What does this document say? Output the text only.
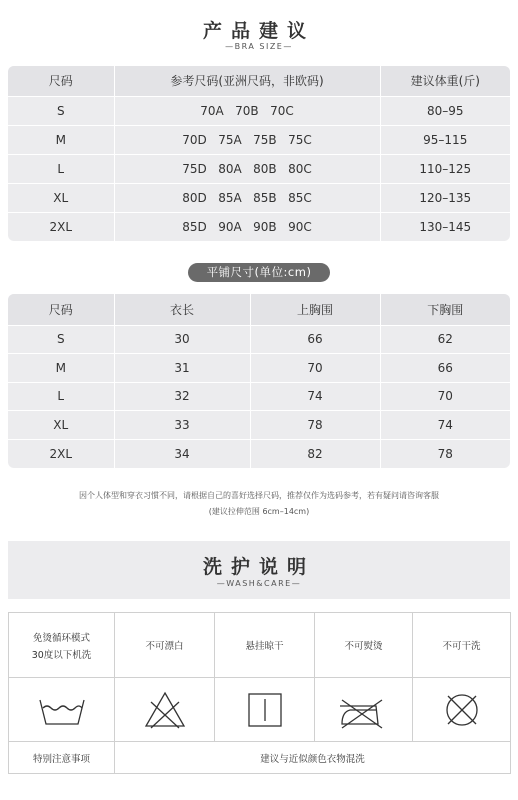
产品建议
—BRA SIZE—
尺码	参考尺码(亚洲尺码，非欧码)	建议体重(斤)
S	70A   70B   70C	80–95
M	70D   75A   75B   75C	95–115
L	75D   80A   80B   80C	110–125
XL	80D   85A   85B   85C	120–135
2XL	85D   90A   90B   90C	130–145
平铺尺寸(单位:cm)
尺码	衣长	上胸围	下胸围
S	30	66	62
M	31	70	66
L	32	74	70
XL	33	78	74
2XL	34	82	78
因个人体型和穿衣习惯不同，请根据自己的喜好选择尺码，推荐仅作为选码参考，若有疑问请咨询客服
(建议拉伸范围 6cm–14cm)
洗护说明
—WASH&CARE—
免烫循环模式
30度以下机洗	不可漂白	悬挂晾干	不可熨烫	不可干洗

特别注意事项	建议与近似颜色衣物混洗			
